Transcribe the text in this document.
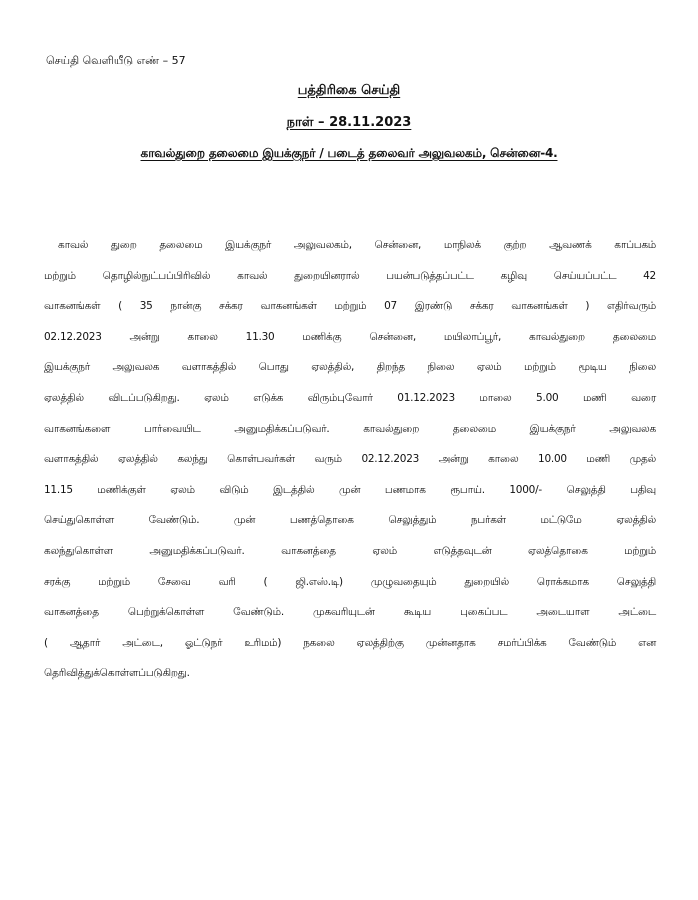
செய்தி வெளியீடு எண் – 57
பத்திரிகை செய்தி
நாள் – 28.11.2023
காவல்துறை தலைமை இயக்குநர் / படைத் தலைவர் அலுவலகம், சென்னை-4.
காவல் துறை தலைமை இயக்குநர் அலுவலகம், சென்னை, மாநிலக் குற்ற ஆவணக் காப்பகம்
மற்றும் தொழில்நுட்பப்பிரிவில் காவல் துறையினரால் பயன்படுத்தப்பட்ட கழிவு செய்யப்பட்ட 42
வாகனங்கள் ( 35 நான்கு சக்கர வாகனங்கள் மற்றும் 07 இரண்டு சக்கர வாகனங்கள் ) எதிர்வரும்
02.12.2023 அன்று காலை 11.30 மணிக்கு சென்னை, மயிலாப்பூர், காவல்துறை தலைமை
இயக்குநர் அலுவலக வளாகத்தில் பொது ஏலத்தில், திறந்த நிலை ஏலம் மற்றும் மூடிய நிலை
ஏலத்தில் விடப்படுகிறது. ஏலம் எடுக்க விரும்புவோர் 01.12.2023 மாலை 5.00 மணி வரை
வாகனங்களை பார்வையிட அனுமதிக்கப்படுவர். காவல்துறை தலைமை இயக்குநர் அலுவலக
வளாகத்தில் ஏலத்தில் கலந்து கொள்பவர்கள் வரும் 02.12.2023 அன்று காலை 10.00 மணி முதல்
11.15 மணிக்குள் ஏலம் விடும் இடத்தில் முன் பணமாக ரூபாய். 1000/- செலுத்தி பதிவு
செய்துகொள்ள வேண்டும். முன் பணத்தொகை செலுத்தும் நபர்கள் மட்டுமே ஏலத்தில்
கலந்துகொள்ள அனுமதிக்கப்படுவர். வாகனத்தை ஏலம் எடுத்தவுடன் ஏலத்தொகை மற்றும்
சரக்கு மற்றும் சேவை வரி ( ஜி.எஸ்.டி) முழுவதையும் துறையில் ரொக்கமாக செலுத்தி
வாகனத்தை பெற்றுக்கொள்ள வேண்டும். முகவரியுடன் கூடிய புகைப்பட அடையாள அட்டை
( ஆதார் அட்டை, ஓட்டுநர் உரிமம்) நகலை ஏலத்திற்கு முன்னதாக சமர்ப்பிக்க வேண்டும் என
தெரிவித்துக்கொள்ளப்படுகிறது.
